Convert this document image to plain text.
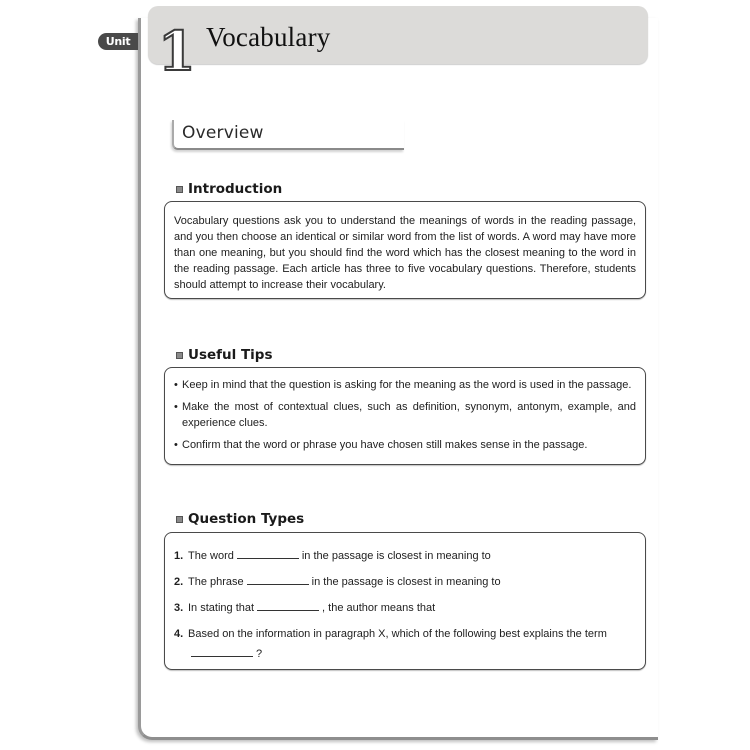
Unit 1 Vocabulary
Overview
Introduction

Vocabulary questions ask you to understand the meanings of words in the reading passage, and you then choose an identical or similar word from the list of words. A word may have more than one meaning, but you should find the word which has the closest meaning to the word in the reading passage. Each article has three to five vocabulary questions. Therefore, students should attempt to increase their vocabulary.

Useful Tips
• Keep in mind that the question is asking for the meaning as the word is used in the passage.
• Make the most of contextual clues, such as definition, synonym, antonym, example, and experience clues.
• Confirm that the word or phrase you have chosen still makes sense in the passage.
Question Types
1. The word	in the passage is closest in meaning to
2. The phrase	in the passage is closest in meaning to
3. In stating that	, the author means that
4. Based on the information in paragraph X, which of the following best explains the term
?
